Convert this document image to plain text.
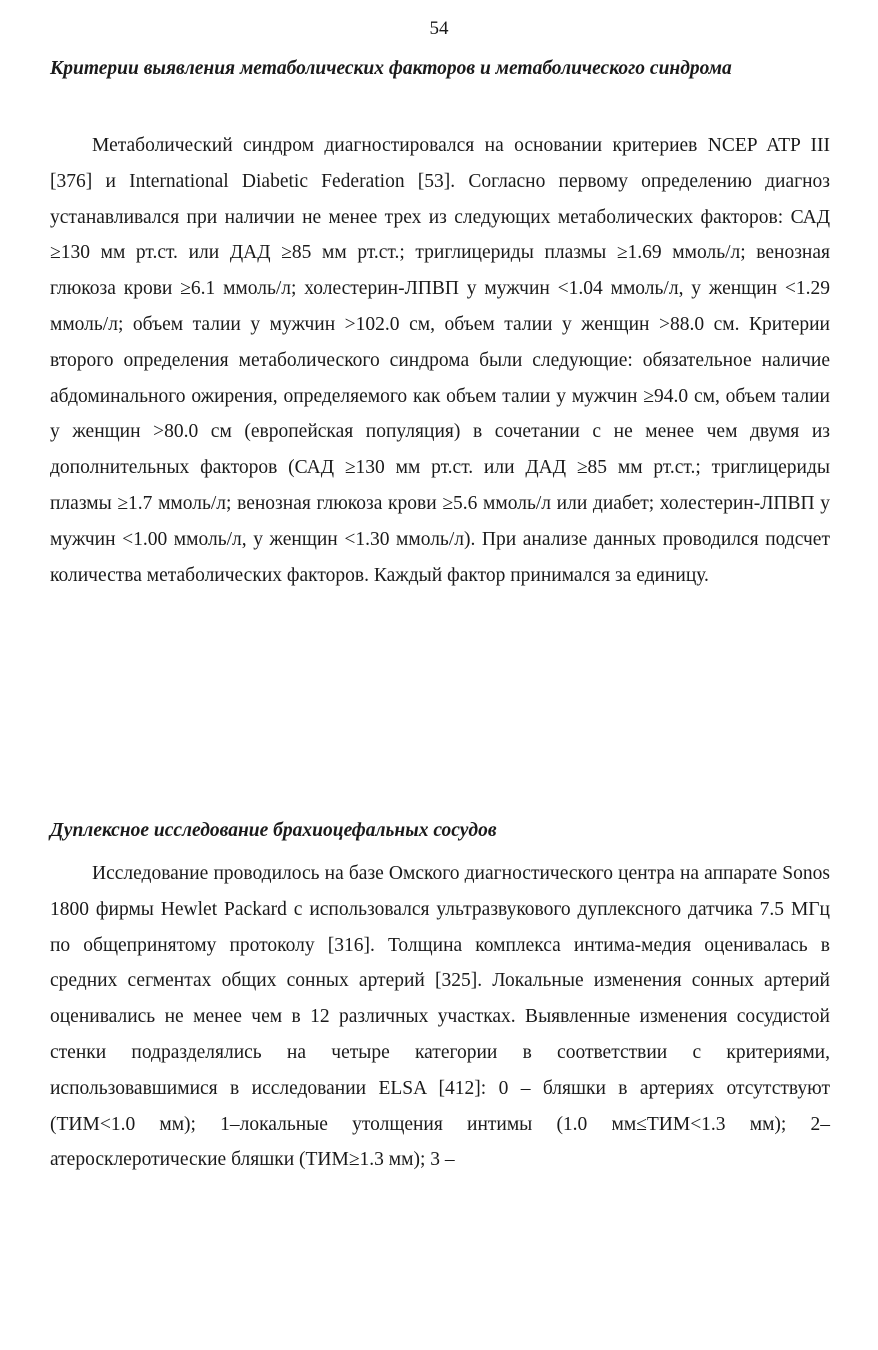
54
Критерии выявления метаболических факторов и метаболического синдрома

Метаболический синдром диагностировался на основании критериев NCEP ATP III [376] и International Diabetic Federation [53]. Согласно первому определению диагноз устанавливался при наличии не менее трех из следующих метаболических факторов: САД ≥130 мм рт.ст. или ДАД ≥85 мм рт.ст.; триглицериды плазмы ≥1.69 ммоль/л; венозная глюкоза крови ≥6.1 ммоль/л; холестерин-ЛПВП у мужчин <1.04 ммоль/л, у женщин <1.29 ммоль/л; объем талии у мужчин >102.0 см, объем талии у женщин >88.0 см. Критерии второго определения метаболического синдрома были следующие: обязательное наличие абдоминального ожирения, определяемого как объем талии у мужчин ≥94.0 см, объем талии у женщин >80.0 см (европейская популяция) в сочетании с не менее чем двумя из дополнительных факторов (САД ≥130 мм рт.ст. или ДАД ≥85 мм рт.ст.; триглицериды плазмы ≥1.7 ммоль/л; венозная глюкоза крови ≥5.6 ммоль/л или диабет; холестерин-ЛПВП у мужчин <1.00 ммоль/л, у женщин <1.30 ммоль/л). При анализе данных проводился подсчет количества метаболических факторов. Каждый фактор принимался за единицу.

Дуплексное исследование брахиоцефальных сосудов

Исследование проводилось на базе Омского диагностического центра на аппарате Sonos 1800 фирмы Hewlet Packard с использовался ультразвукового дуплексного датчика 7.5 МГц по общепринятому протоколу [316]. Толщина комплекса интима-медия оценивалась в средних сегментах общих сонных артерий [325]. Локальные изменения сонных артерий оценивались не менее чем в 12 различных участках. Выявленные изменения сосудистой стенки подразделялись на четыре категории в соответствии с критериями, использовавшимися в исследовании ELSA [412]: 0 – бляшки в артериях отсутствуют (ТИМ<1.0 мм); 1–локальные утолщения интимы (1.0 мм≤ТИМ<1.3 мм); 2–атеросклеротические бляшки (ТИМ≥1.3 мм); 3 –
